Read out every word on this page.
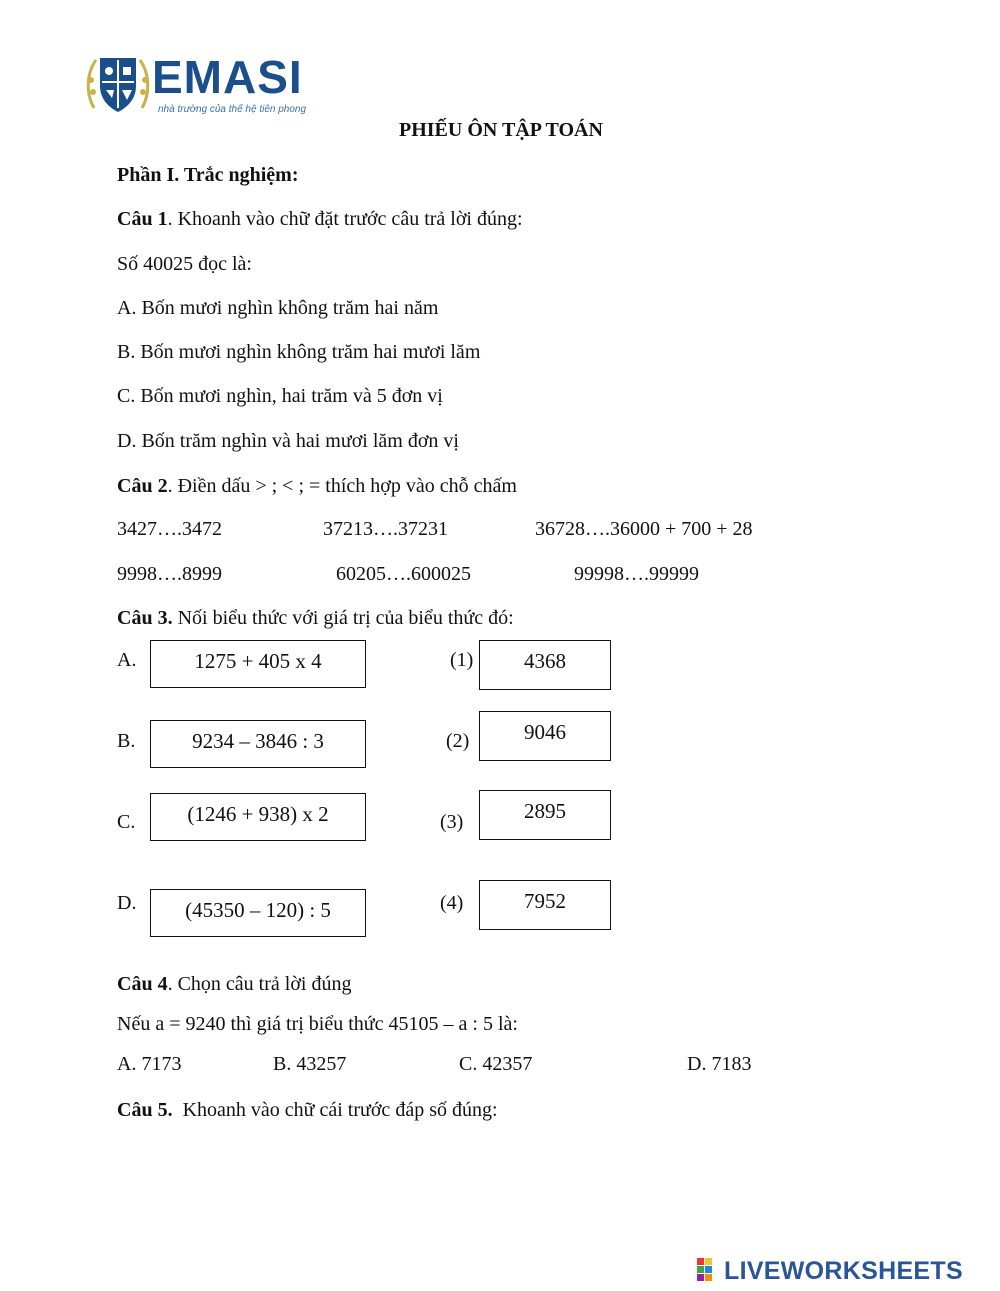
EMASI
nhà trường của thế hệ tiên phong
PHIẾU ÔN TẬP TOÁN
Phần I. Trắc nghiệm:
Câu 1. Khoanh vào chữ đặt trước câu trả lời đúng:
Số 40025 đọc là:
A. Bốn mươi nghìn không trăm hai năm
B. Bốn mươi nghìn không trăm hai mươi lăm
C. Bốn mươi nghìn, hai trăm và 5 đơn vị
D. Bốn trăm nghìn và hai mươi lăm đơn vị
Câu 2. Điền dấu > ; < ; = thích hợp vào chỗ chấm
3427….3472	37213….37231	36728….36000 + 700 + 28
9998….8999	60205….600025	99998….99999
Câu 3. Nối biểu thức với giá trị của biểu thức đó:
A.	1275 + 405 x 4
B.	9234 – 3846 : 3
C.	(1246 + 938) x 2
D.	(45350 – 120) : 5
(1)	4368
(2)	9046
(3)	2895
(4)	7952
Câu 4. Chọn câu trả lời đúng
Nếu a = 9240 thì giá trị biểu thức 45105 – a : 5 là:
A. 7173	B. 43257	C. 42357	D. 7183
Câu 5.  Khoanh vào chữ cái trước đáp số đúng:
LIVEWORKSHEETS
